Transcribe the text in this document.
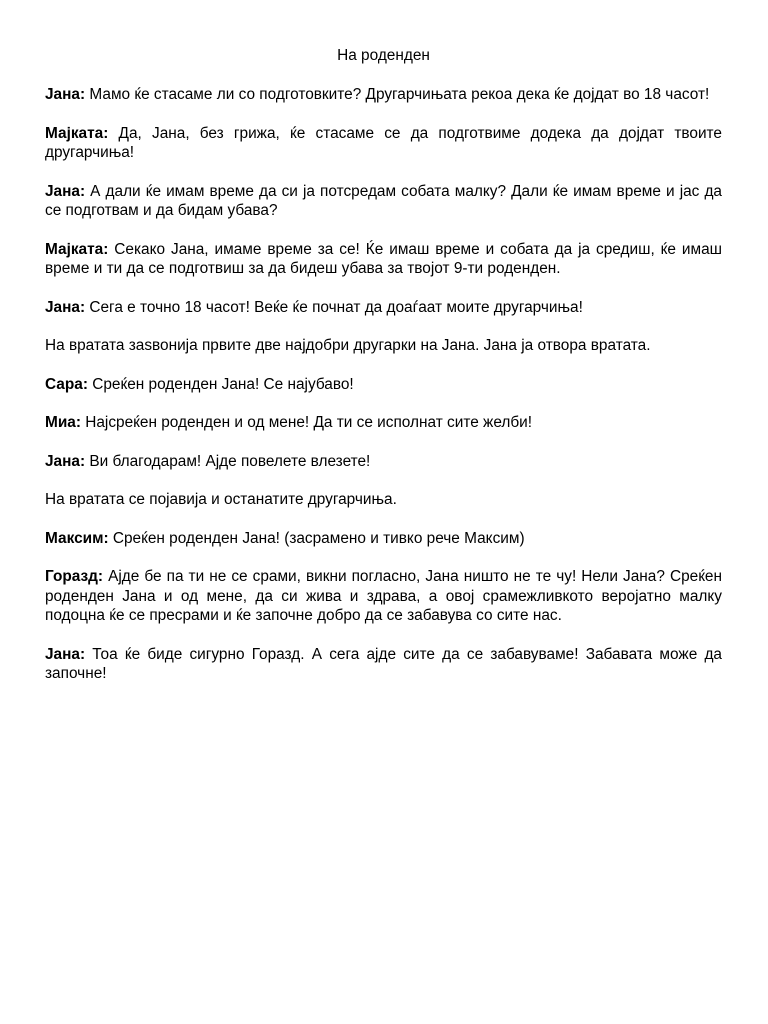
На роденден

Јана: Мамо ќе стасаме ли со подготовките? Другарчињата рекоа дека ќе дојдат во 18 часот!

Мајката: Да, Јана, без грижа, ќе стасаме се да подготвиме додека да дојдат твоите другарчиња!

Јана: А дали ќе имам време да си ја потсредам собата малку? Дали ќе имам време и јас да се подготвам и да бидам убава?

Мајката: Секако Јана, имаме време за се! Ќе имаш време и собата да ја средиш, ќе имаш време и ти да се подготвиш за да бидеш убава за твојот 9-ти роденден.

Јана: Сега е точно 18 часот! Веќе ќе почнат да доаѓаат моите другарчиња!

На вратата заѕвонија првите две најдобри другарки на Јана. Јана ја отвора вратата.

Сара: Среќен роденден Јана! Се најубаво!

Миа: Најсреќен роденден и од мене! Да ти се исполнат сите желби!

Јана: Ви благодарам! Ајде повелете влезете!

На вратата се појавија и останатите другарчиња.

Максим: Среќен роденден Јана! (засрамено и тивко рече Максим)

Горазд: Ајде бе па ти не се срами, викни погласно, Јана ништо не те чу! Нели Јана? Среќен роденден Јана и од мене, да си жива и здрава, а овој срамежливкото веројатно малку подоцна ќе се пресрами и ќе започне добро да се забавува со сите нас.

Јана: Тоа ќе биде сигурно Горазд. А сега ајде сите да се забавуваме! Забавата може да започне!
